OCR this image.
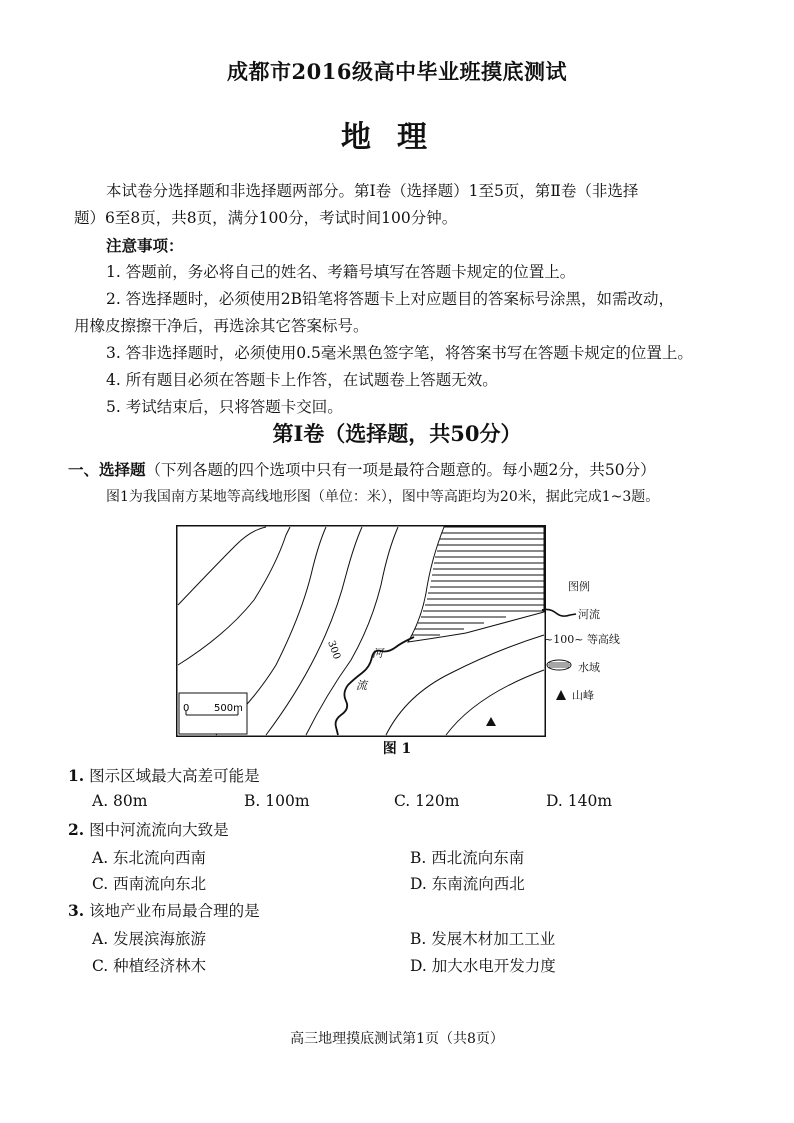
成都市2016级高中毕业班摸底测试
地理
本试卷分选择题和非选择题两部分。第Ⅰ卷（选择题）1至5页，第Ⅱ卷（非选择
题）6至8页，共8页，满分100分，考试时间100分钟。
注意事项：
1. 答题前，务必将自己的姓名、考籍号填写在答题卡规定的位置上。
2. 答选择题时，必须使用2B铅笔将答题卡上对应题目的答案标号涂黑，如需改动，
用橡皮擦擦干净后，再选涂其它答案标号。
3. 答非选择题时，必须使用0.5毫米黑色签字笔，将答案书写在答题卡规定的位置上。
4. 所有题目必须在答题卡上作答，在试题卷上答题无效。
5. 考试结束后，只将答题卡交回。
第Ⅰ卷（选择题，共50分）
一、选择题（下列各题的四个选项中只有一项是最符合题意的。每小题2分，共50分）
图1为我国南方某地等高线地形图（单位：米），图中等高距均为20米，据此完成1~3题。
300	河
流
0 500m
图例
河流
~100~ 等高线
水域
山峰
图 1
1. 图示区域最大高差可能是
A. 80m	B. 100m	C. 120m	D. 140m
2. 图中河流流向大致是
A. 东北流向西南	B. 西北流向东南
C. 西南流向东北	D. 东南流向西北
3. 该地产业布局最合理的是
A. 发展滨海旅游	B. 发展木材加工工业
C. 种植经济林木	D. 加大水电开发力度
高三地理摸底测试第1页（共8页）
